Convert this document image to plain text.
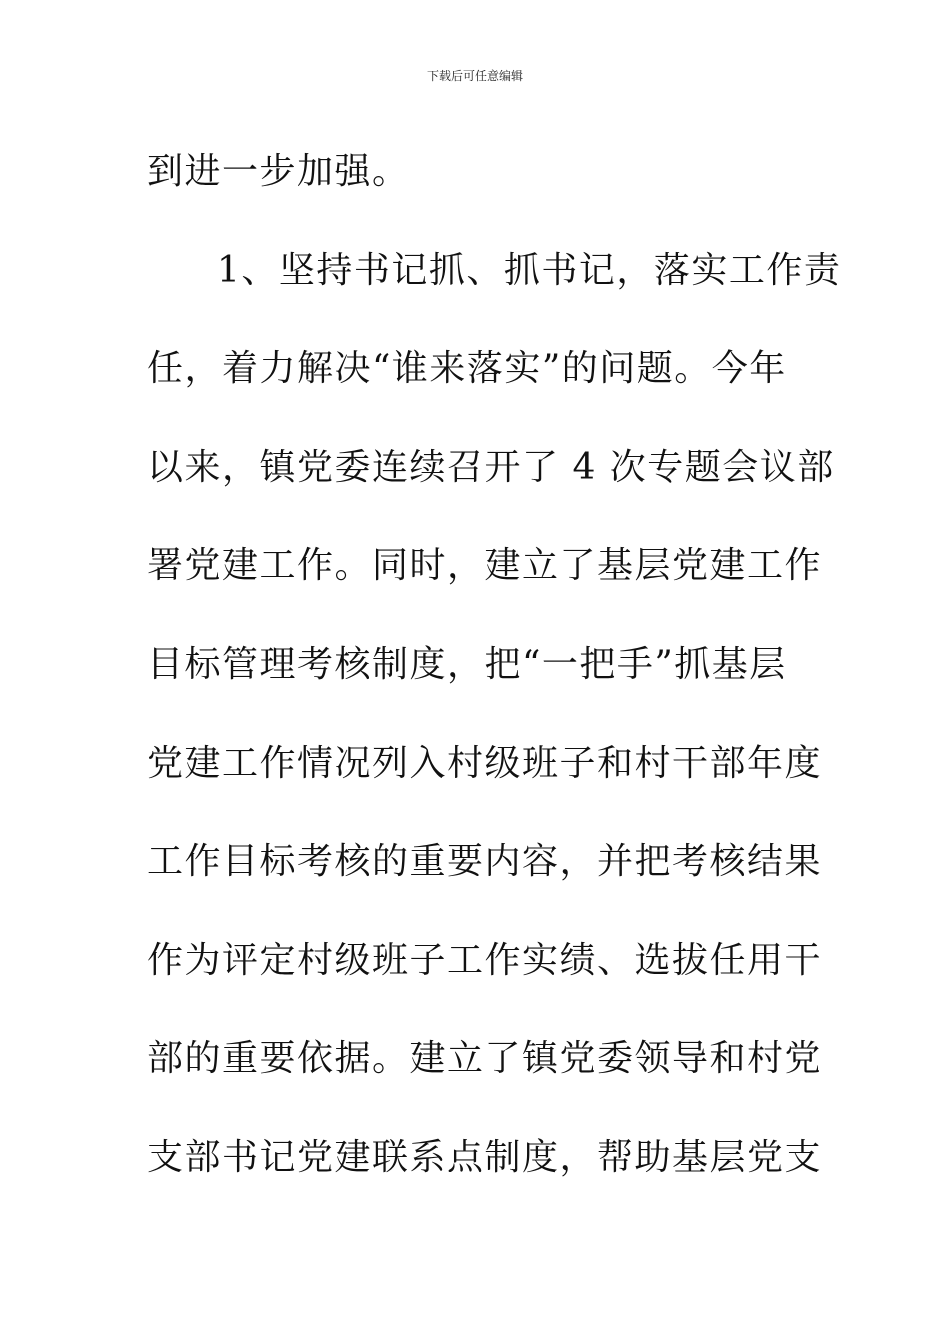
下载后可任意编辑
到进一步加强。
1、坚持书记抓、抓书记，落实工作责
任，着力解决“谁来落实”的问题。今年
以来，镇党委连续召开了 4 次专题会议部
署党建工作。同时，建立了基层党建工作
目标管理考核制度，把“一把手”抓基层
党建工作情况列入村级班子和村干部年度
工作目标考核的重要内容，并把考核结果
作为评定村级班子工作实绩、选拔任用干
部的重要依据。建立了镇党委领导和村党
支部书记党建联系点制度，帮助基层党支
